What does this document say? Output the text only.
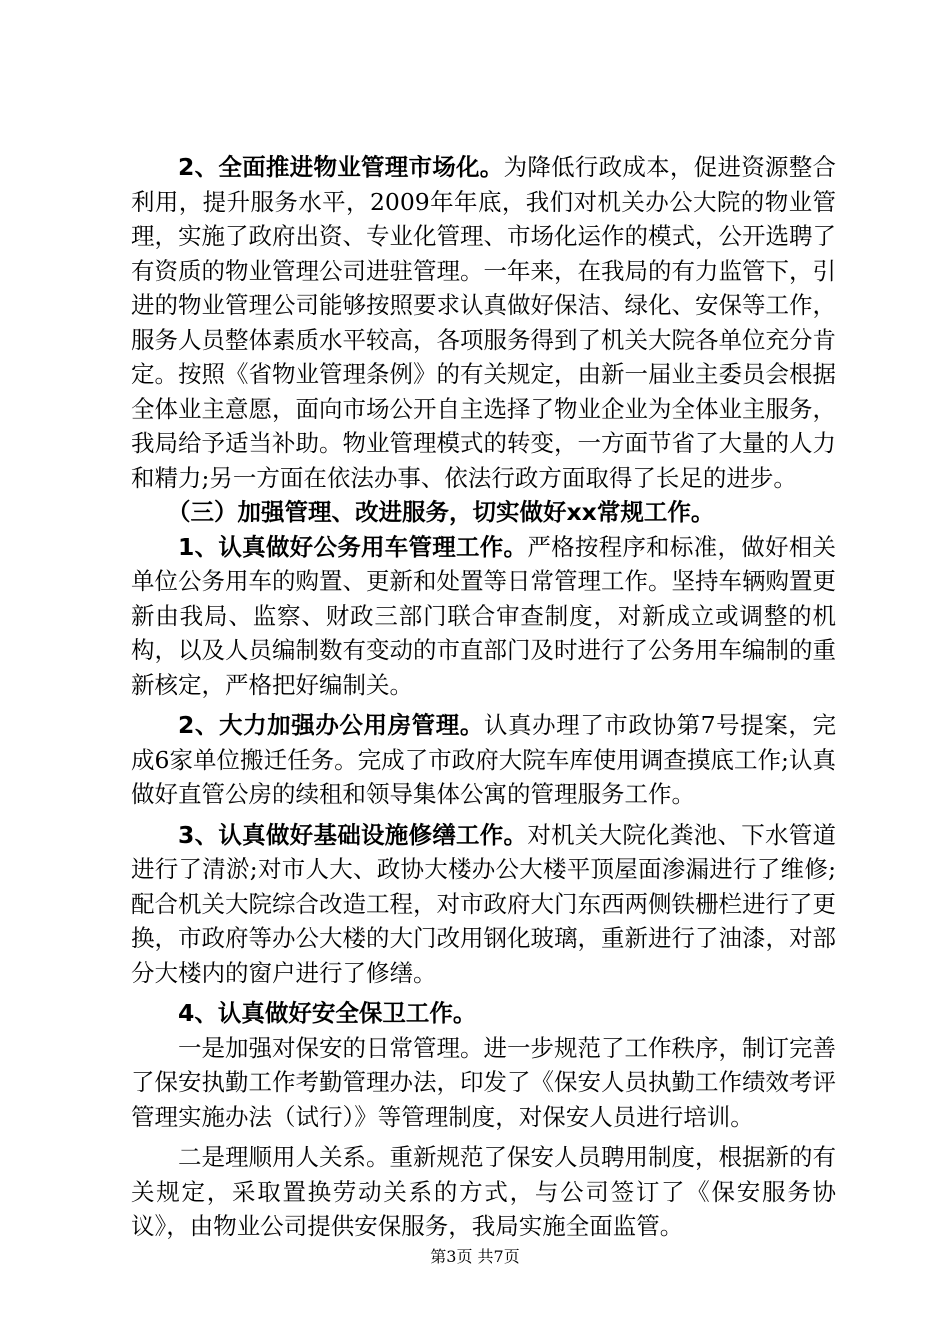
2、全面推进物业管理市场化。为降低行政成本，促进资源整合利用，提升服务水平，2009年年底，我们对机关办公大院的物业管理，实施了政府出资、专业化管理、市场化运作的模式，公开选聘了有资质的物业管理公司进驻管理。一年来，在我局的有力监管下，引进的物业管理公司能够按照要求认真做好保洁、绿化、安保等工作，服务人员整体素质水平较高，各项服务得到了机关大院各单位充分肯定。按照《省物业管理条例》的有关规定，由新一届业主委员会根据全体业主意愿，面向市场公开自主选择了物业企业为全体业主服务，我局给予适当补助。物业管理模式的转变，一方面节省了大量的人力和精力;另一方面在依法办事、依法行政方面取得了长足的进步。

（三）加强管理、改进服务，切实做好xx常规工作。

1、认真做好公务用车管理工作。严格按程序和标准，做好相关单位公务用车的购置、更新和处置等日常管理工作。坚持车辆购置更新由我局、监察、财政三部门联合审查制度，对新成立或调整的机构，以及人员编制数有变动的市直部门及时进行了公务用车编制的重新核定，严格把好编制关。

2、大力加强办公用房管理。认真办理了市政协第7号提案，完成6家单位搬迁任务。完成了市政府大院车库使用调查摸底工作;认真做好直管公房的续租和领导集体公寓的管理服务工作。

3、认真做好基础设施修缮工作。对机关大院化粪池、下水管道进行了清淤;对市人大、政协大楼办公大楼平顶屋面渗漏进行了维修;配合机关大院综合改造工程，对市政府大门东西两侧铁栅栏进行了更换，市政府等办公大楼的大门改用钢化玻璃，重新进行了油漆，对部分大楼内的窗户进行了修缮。

4、认真做好安全保卫工作。

一是加强对保安的日常管理。进一步规范了工作秩序，制订完善了保安执勤工作考勤管理办法，印发了《保安人员执勤工作绩效考评管理实施办法（试行）》等管理制度，对保安人员进行培训。

二是理顺用人关系。重新规范了保安人员聘用制度，根据新的有关规定，采取置换劳动关系的方式，与公司签订了《保安服务协议》，由物业公司提供安保服务，我局实施全面监管。

第3页 共7页
